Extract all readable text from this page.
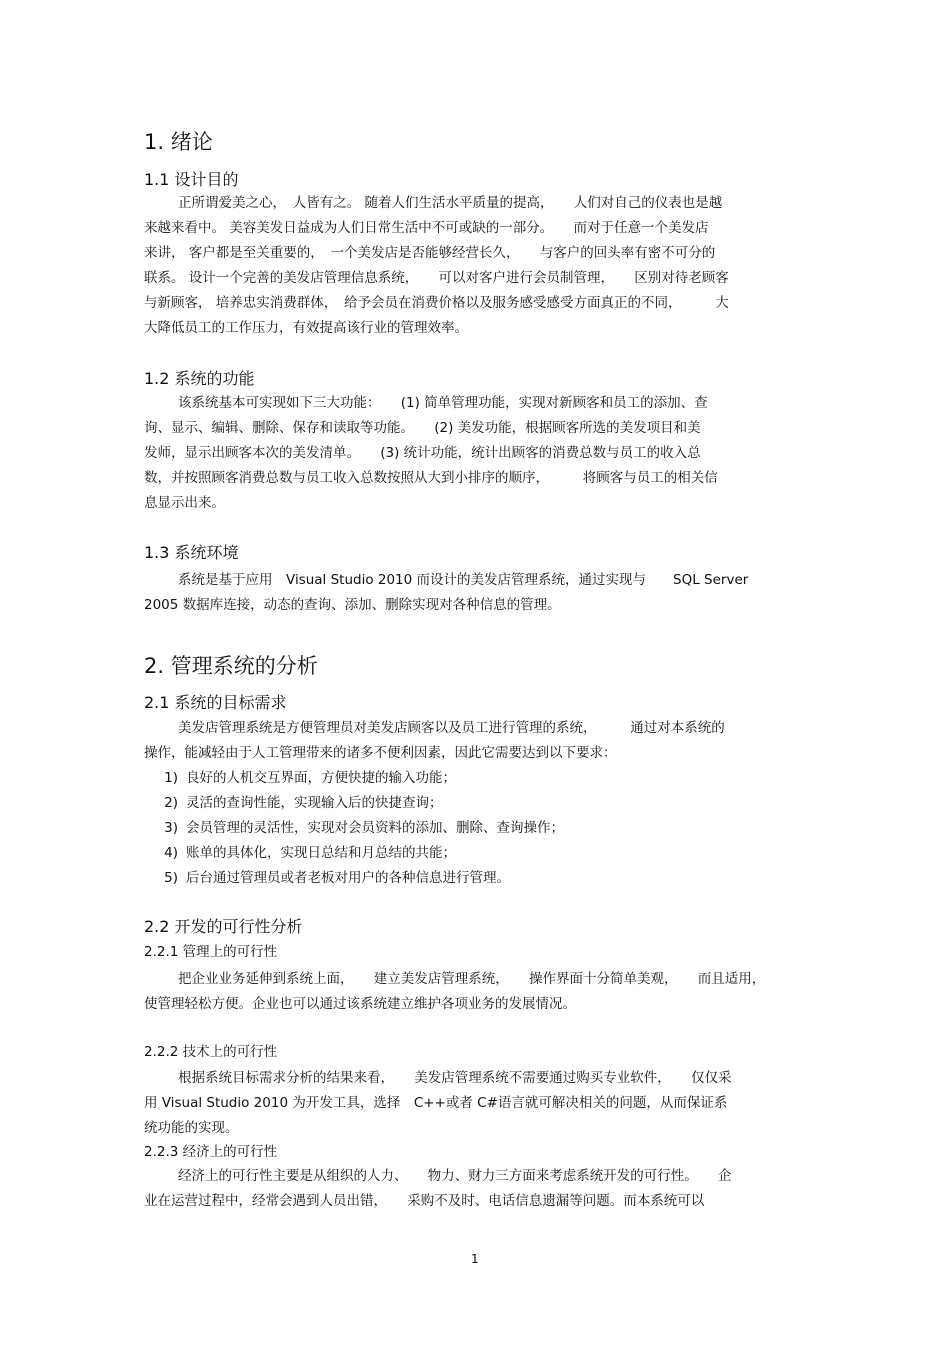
1. 绪论
1.1 设计目的
正所谓爱美之心，　人皆有之。 随着人们生活水平质量的提高，　　人们对自己的仪表也是越
来越来看中。 美容美发日益成为人们日常生活中不可或缺的一部分。　　而对于任意一个美发店
来讲， 客户都是至关重要的，　一个美发店是否能够经营长久，　　与客户的回头率有密不可分的
联系。 设计一个完善的美发店管理信息系统，　　可以对客户进行会员制管理，　　区别对待老顾客
与新顾客， 培养忠实消费群体，　给予会员在消费价格以及服务感受感受方面真正的不同，　　　大
大降低员工的工作压力，有效提高该行业的管理效率。
1.2 系统的功能
该系统基本可实现如下三大功能：　　(1) 简单管理功能，实现对新顾客和员工的添加、查
询、显示、编辑、删除、保存和读取等功能。　　(2) 美发功能，根据顾客所选的美发项目和美
发师，显示出顾客本次的美发清单。　　(3) 统计功能，统计出顾客的消费总数与员工的收入总
数，并按照顾客消费总数与员工收入总数按照从大到小排序的顺序，　　　将顾客与员工的相关信
息显示出来。
1.3 系统环境
系统是基于应用　Visual Studio 2010 而设计的美发店管理系统，通过实现与　　SQL Server
2005 数据库连接，动态的查询、添加、删除实现对各种信息的管理。
2. 管理系统的分析
2.1 系统的目标需求
美发店管理系统是方便管理员对美发店顾客以及员工进行管理的系统，　　　通过对本系统的
操作，能减轻由于人工管理带来的诸多不便利因素，因此它需要达到以下要求：
1) 良好的人机交互界面，方便快捷的输入功能；
2) 灵活的查询性能，实现输入后的快捷查询；
3) 会员管理的灵活性，实现对会员资料的添加、删除、查询操作；
4) 账单的具体化，实现日总结和月总结的共能；
5) 后台通过管理员或者老板对用户的各种信息进行管理。
2.2 开发的可行性分析
2.2.1 管理上的可行性
把企业业务延伸到系统上面，　　建立美发店管理系统，　　操作界面十分简单美观，　　而且适用，
使管理轻松方便。企业也可以通过该系统建立维护各项业务的发展情况。
2.2.2 技术上的可行性
根据系统目标需求分析的结果来看，　　美发店管理系统不需要通过购买专业软件，　　仅仅采
用 Visual Studio 2010 为开发工具，选择　C++或者 C#语言就可解决相关的问题，从而保证系
统功能的实现。
2.2.3 经济上的可行性
经济上的可行性主要是从组织的人力、　　物力、财力三方面来考虑系统开发的可行性。　　企
业在运营过程中，经常会遇到人员出错，　　采购不及时、电话信息遗漏等问题。而本系统可以
1
